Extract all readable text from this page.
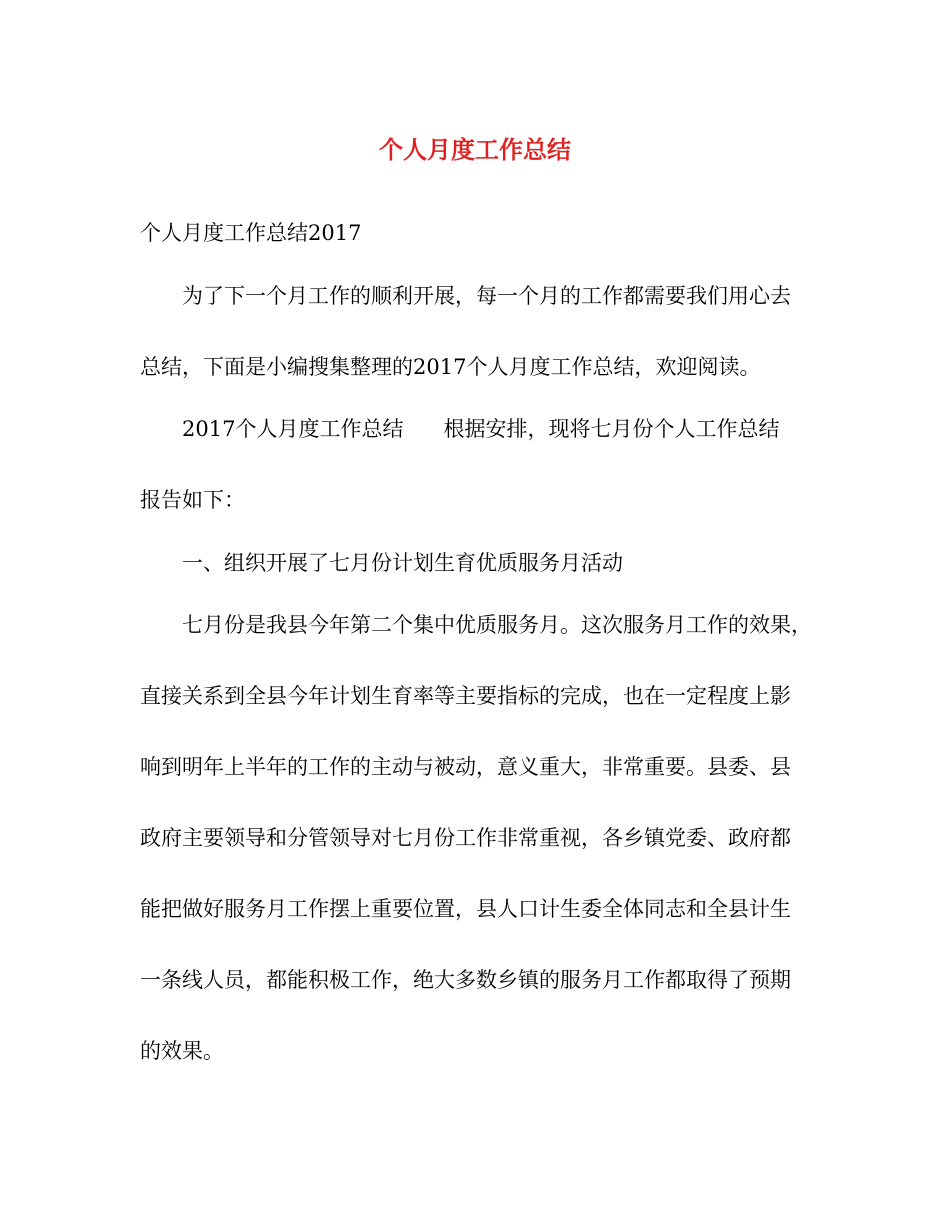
个人月度工作总结

个人月度工作总结2017

为了下一个月工作的顺利开展，每一个月的工作都需要我们用心去

总结，下面是小编搜集整理的2017个人月度工作总结，欢迎阅读。

2017个人月度工作总结 根据安排，现将七月份个人工作总结

报告如下：

一、组织开展了七月份计划生育优质服务月活动

七月份是我县今年第二个集中优质服务月。这次服务月工作的效果，

直接关系到全县今年计划生育率等主要指标的完成，也在一定程度上影

响到明年上半年的工作的主动与被动，意义重大，非常重要。县委、县

政府主要领导和分管领导对七月份工作非常重视，各乡镇党委、政府都

能把做好服务月工作摆上重要位置，县人口计生委全体同志和全县计生

一条线人员，都能积极工作，绝大多数乡镇的服务月工作都取得了预期

的效果。
